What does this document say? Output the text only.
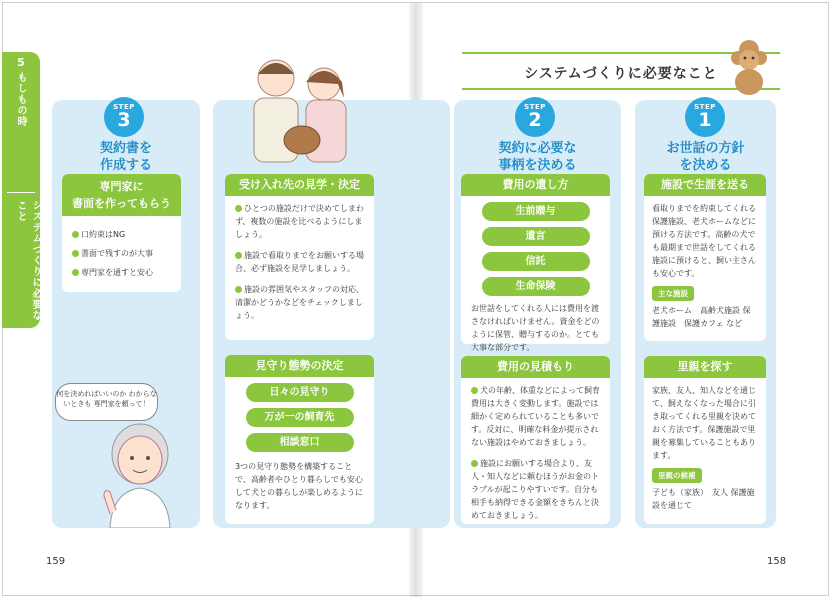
5
もしもの時
システムづくりに必要なこと
STEP
3
契約書を
作成する
専門家に
書面を作ってもらう
口約束はNG
書面で残すのが大事
専門家を通すと安心
何を決めればいいのか わからないときも 専門家を頼って！
受け入れ先の見学・決定

ひとつの施設だけで決めてしまわず、複数の施設を比べるようにしましょう。

施設で看取りまでをお願いする場合、必ず施設を見学しましょう。

施設の雰囲気やスタッフの対応、清潔かどうかなどをチェックしましょう。

見守り態勢の決定
日々の見守り
万が一の飼育先
相談窓口
3つの見守り態勢を構築することで、高齢者やひとり暮らしでも安心して犬との暮らしが楽しめるようになります。
システムづくりに必要なこと
STEP
2
契約に必要な
事柄を決める
費用の遺し方
生前贈与
遺言
信託
生命保険
お世話をしてくれる人には費用を渡さなければいけません。資金をどのように保管、贈与するのか。とても大事な部分です。
費用の見積もり

犬の年齢、体重などによって飼育費用は大きく変動します。施設では細かく定められていることも多いです。反対に、明確な料金が提示されない施設はやめておきましょう。

施設にお願いする場合より、友人・知人などに頼むほうがお金のトラブルが起こりやすいです。自分も相手も納得できる金額をきちんと決めておきましょう。

STEP
1
お世話の方針
を決める
施設で生涯を送る
看取りまでを約束してくれる保護施設、老犬ホームなどに預ける方法です。高齢の犬でも最期まで世話をしてくれる施設に預けると、飼い主さんも安心です。
主な施設
老犬ホーム　高齢犬施設 保護施設　保護カフェ など
里親を探す
家族、友人、知人などを通じて、飼えなくなった場合に引き取ってくれる里親を決めておく方法です。保護施設で里親を募集していることもあります。
里親の候補
子ども（家族）　友人 保護施設を通じて
159	158
